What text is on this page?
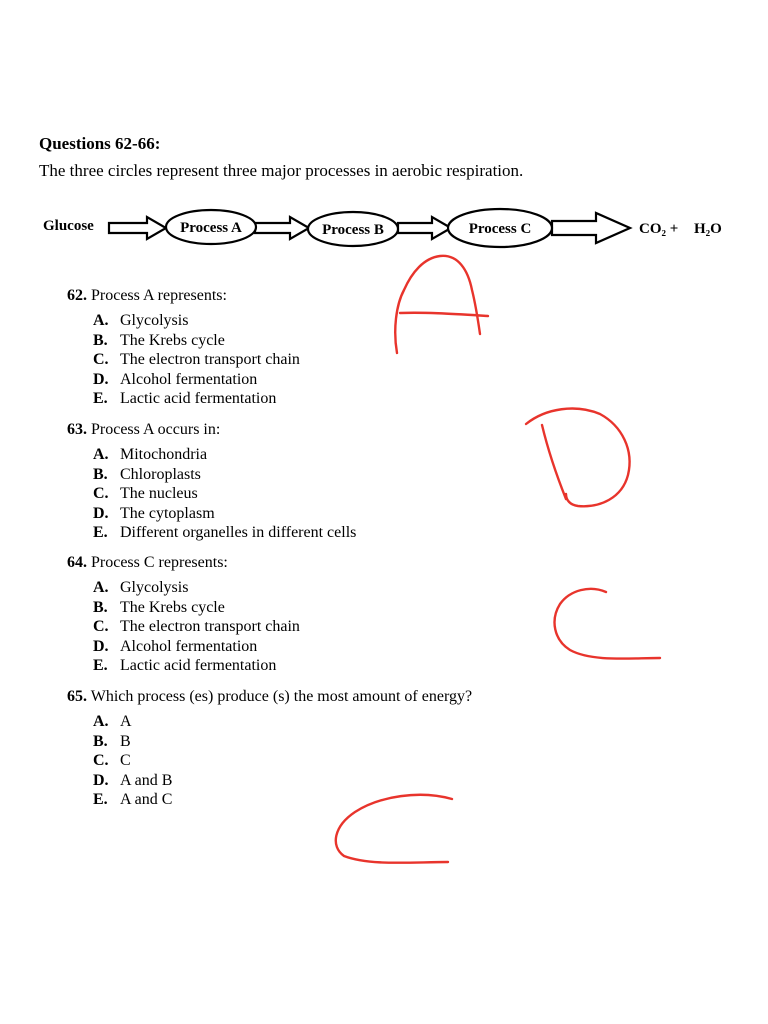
Questions 62-66:
The three circles represent three major processes in aerobic respiration.
Glucose	Process A	Process B	Process C	CO₂ + H₂O
62. Process A represents:
A. Glycolysis
B. The Krebs cycle
C. The electron transport chain
D. Alcohol fermentation
E. Lactic acid fermentation
63. Process A occurs in:
A. Mitochondria
B. Chloroplasts
C. The nucleus
D. The cytoplasm
E. Different organelles in different cells
64. Process C represents:
A. Glycolysis
B. The Krebs cycle
C. The electron transport chain
D. Alcohol fermentation
E. Lactic acid fermentation
65. Which process (es) produce (s) the most amount of energy?
A. A
B. B
C. C
D. A and B
E. A and C
